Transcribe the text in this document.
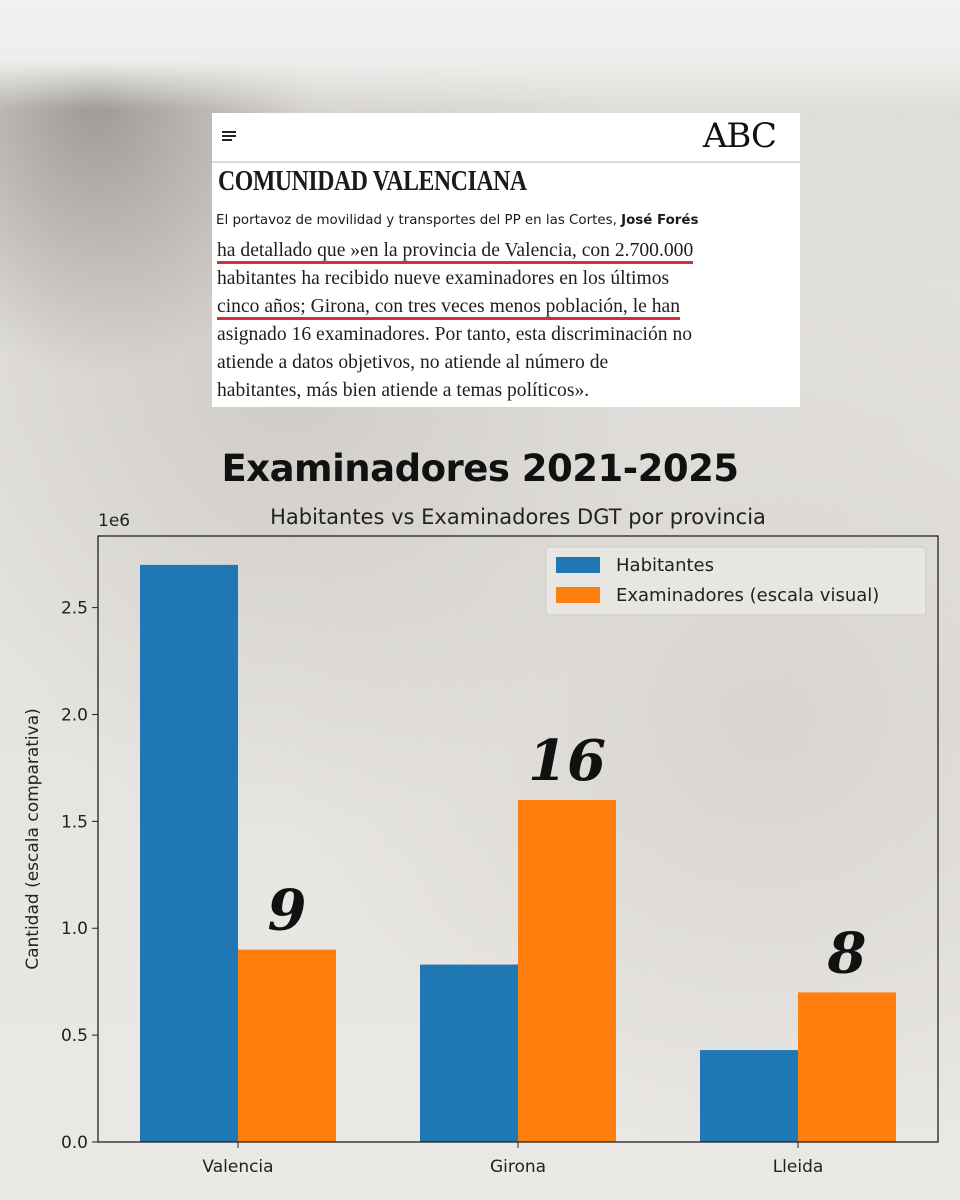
ABC
COMUNIDAD VALENCIANA
El portavoz de movilidad y transportes del PP en las Cortes, José Forés
ha detallado que »en la provincia de Valencia, con 2.700.000
habitantes ha recibido nueve examinadores en los últimos
cinco años; Girona, con tres veces menos población, le han
asignado 16 examinadores. Por tanto, esta discriminación no
atiende a datos objetivos, no atiende al número de
habitantes, más bien atiende a temas políticos».
Examinadores 2021-2025
Habitantes vs Examinadores DGT por provincia
0.0
0.5
1.0
1.5
2.0
2.5
1e6
Cantidad (escala comparativa)
Valencia
9
Girona
16
Lleida
8
Habitantes
Examinadores (escala visual)
